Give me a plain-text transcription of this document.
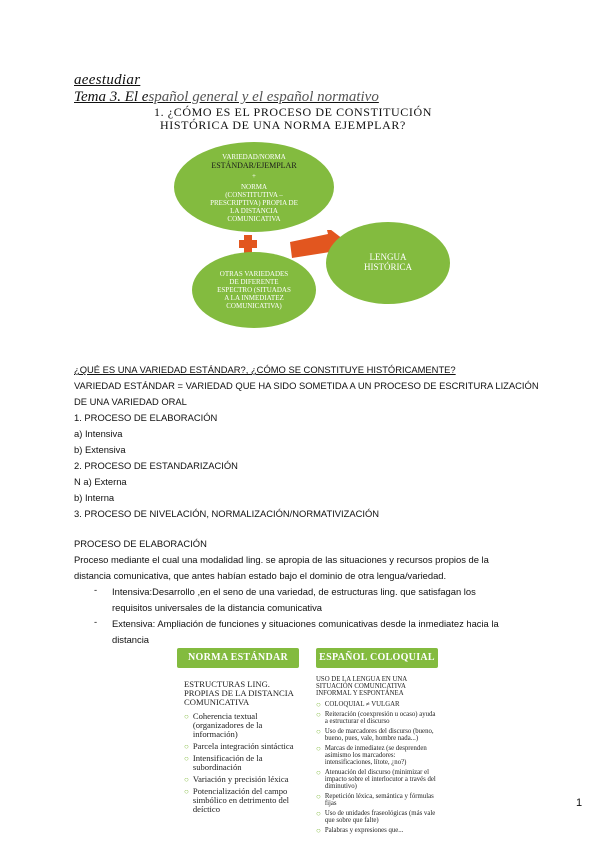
aeestudiar
Tema 3. El español general y el español normativo
1. ¿CÓMO ES EL PROCESO DE CONSTITUCIÓN
HISTÓRICA DE UNA NORMA EJEMPLAR?
VARIEDAD/NORMA
ESTÁNDAR/EJEMPLAR
+
NORMA
(CONSTITUTIVA –
PRESCRIPTIVA) PROPIA DE
LA DISTANCIA
COMUNICATIVA
OTRAS VARIEDADES
DE DIFERENTE
ESPECTRO (SITUADAS
A LA INMEDIATEZ
COMUNICATIVA)
LENGUA
HISTÓRICA
¿QUÉ ES UNA VARIEDAD ESTÁNDAR?, ¿CÓMO SE CONSTITUYE HISTÓRICAMENTE?
VARIEDAD ESTÁNDAR = VARIEDAD QUE HA SIDO SOMETIDA A UN PROCESO DE ESCRITURA LIZACIÓN
DE UNA VARIEDAD ORAL
1. PROCESO DE ELABORACIÓN
a) Intensiva
b) Extensiva
2. PROCESO DE ESTANDARIZACIÓN
N a) Externa
b) Interna
3. PROCESO DE NIVELACIÓN, NORMALIZACIÓN/NORMATIVIZACIÓN
PROCESO DE ELABORACIÓN
Proceso mediante el cual una modalidad ling. se apropia de las situaciones y recursos propios de la
distancia comunicativa, que antes habían estado bajo el dominio de otra lengua/variedad.
- Intensiva:Desarrollo ,en el seno de una variedad, de estructuras ling. que satisfagan los
requisitos universales de la distancia comunicativa
- Extensiva: Ampliación de funciones y situaciones comunicativas desde la inmediatez hacia la
distancia
NORMA ESTÁNDAR	ESPAÑOL COLOQUIAL
ESTRUCTURAS LING. PROPIAS DE LA DISTANCIA COMUNICATIVA
○ Coherencia textual (organizadores de la información)
○ Parcela integración sintáctica
○ Intensificación de la subordinación
○ Variación y precisión léxica
○ Potencialización del campo simbólico en detrimento del deíctico
USO DE LA LENGUA EN UNA SITUACIÓN COMUNICATIVA INFORMAL Y ESPONTÁNEA
○ COLOQUIAL ≠ VULGAR
○ Reiteración (coexpresión u ocaso) ayuda a estructurar el discurso
○ Uso de marcadores del discurso (bueno, bueno, pues, vale, hombre nada...)
○ Marcas de inmediatez (se desprenden asimismo los marcadores: intensificaciones, lítote, ¿no?)
○ Atenuación del discurso (minimizar el impacto sobre el interlocutor a través del diminutivo)
○ Repetición léxica, semántica y fórmulas fijas
○ Uso de unidades fraseológicas (más vale que sobre que falte)
○ Palabras y expresiones que...
1
